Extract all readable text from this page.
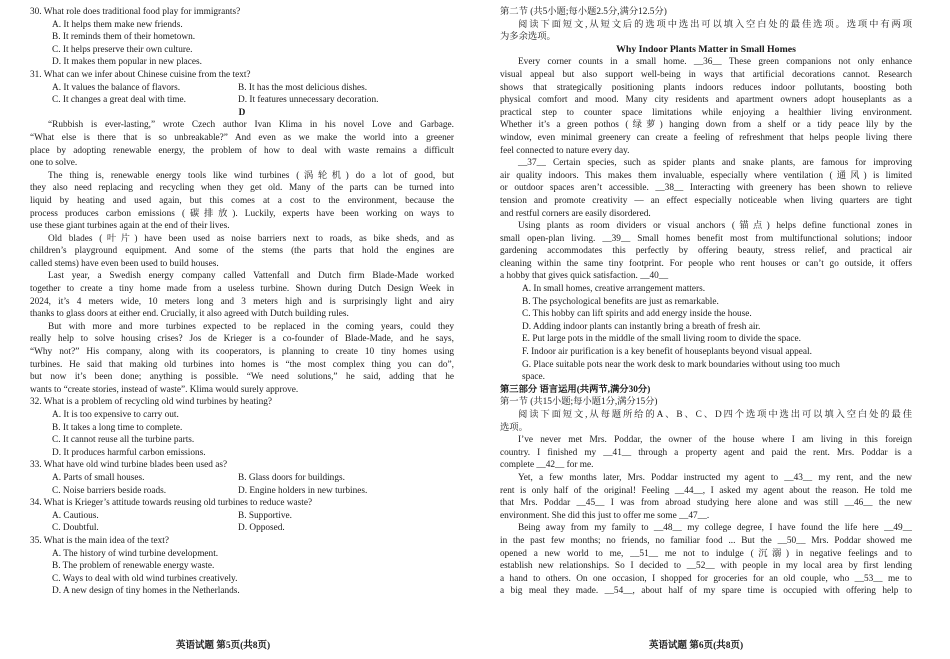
30. What role does traditional food play for immigrants?

A. It helps them make new friends.

B. It reminds them of their hometown.

C. It helps preserve their own culture.

D. It makes them popular in new places.

31. What can we infer about Chinese cuisine from the text?

A. It values the balance of flavors.	B. It has the most delicious dishes.

C. It changes a great deal with time.	D. It features unnecessary decoration.

D

“Rubbish is ever-lasting,” wrote Czech author Ivan Klima in his novel Love and Garbage.

“What else is there that is so unbreakable?” And even as we make the world into a greener

place by adopting renewable energy, the problem of how to deal with waste remains a difficult

one to solve.

The thing is, renewable energy tools like wind turbines (涡轮机) do a lot of good, but

they also need replacing and recycling when they get old. Many of the parts can be turned into

liquid by heating and used again, but this comes at a cost to the environment, because the

process produces carbon emissions (碳排放). Luckily, experts have been working on ways to

use these giant turbines again at the end of their lives.

Old blades (叶片) have been used as noise barriers next to roads, as bike sheds, and as

children’s playground equipment. And some of the stems (the parts that hold the engines are

called stems) have even been used to build houses.

Last year, a Swedish energy company called Vattenfall and Dutch firm Blade-Made worked

together to create a tiny home made from a useless turbine. Shown during Dutch Design Week in

2024, it’s 4 meters wide, 10 meters long and 3 meters high and is surprisingly light and airy

thanks to glass doors at either end. Crucially, it also agreed with Dutch building rules.

But with more and more turbines expected to be replaced in the coming years, could they

really help to solve housing crises? Jos de Krieger is a co-founder of Blade-Made, and he says,

“Why not?” His company, along with its cooperators, is planning to create 10 tiny homes using

turbines. He said that making old turbines into homes is “the most complex thing you can do”,

but now it’s been done; anything is possible. “We need solutions,” he said, adding that he

wants to “create stories, instead of waste”. Klima would surely approve.

32. What is a problem of recycling old wind turbines by heating?

A. It is too expensive to carry out.

B. It takes a long time to complete.

C. It cannot reuse all the turbine parts.

D. It produces harmful carbon emissions.

33. What have old wind turbine blades been used as?

A. Parts of small houses.	B. Glass doors for buildings.

C. Noise barriers beside roads.	D. Engine holders in new turbines.

34. What is Krieger’s attitude towards reusing old turbines to reduce waste?

A. Cautious.	B. Supportive.

C. Doubtful.	D. Opposed.

35. What is the main idea of the text?

A. The history of wind turbine development.

B. The problem of renewable energy waste.

C. Ways to deal with old wind turbines creatively.

D. A new design of tiny homes in the Netherlands.

第二节 (共5小题;每小题2.5分,满分12.5分)

阅读下面短文,从短文后的选项中选出可以填入空白处的最佳选项。选项中有两项

为多余选项。

Why Indoor Plants Matter in Small Homes

Every corner counts in a small home. __36__ These green companions not only enhance

visual appeal but also support well-being in ways that artificial decorations cannot. Research

shows that strategically positioning plants indoors reduces indoor pollutants, boosting both

physical comfort and mood. Many city residents and apartment owners adopt houseplants as a

practical step to counter space limitations while enjoying a healthier living environment.

Whether it’s a green pothos (绿萝) hanging down from a shelf or a tidy peace lily by the

window, even minimal greenery can create a feeling of refreshment that helps people living there

feel connected to nature every day.

__37__ Certain species, such as spider plants and snake plants, are famous for improving

air quality indoors. This makes them invaluable, especially where ventilation (通风) is limited

or outdoor spaces aren’t accessible. __38__ Interacting with greenery has been shown to relieve

tension and promote creativity — an effect especially noticeable when living quarters are tight

and restful corners are easily disordered.

Using plants as room dividers or visual anchors (锚点) helps define functional zones in

small open-plan living. __39__ Small homes benefit most from multifunctional solutions; indoor

gardening accommodates this perfectly by offering beauty, stress relief, and practical air

cleaning within the same tiny footprint. For people who rent houses or can’t go outside, it offers

a hobby that gives quick satisfaction. __40__

A. In small homes, creative arrangement matters.

B. The psychological benefits are just as remarkable.

C. This hobby can lift spirits and add energy inside the house.

D. Adding indoor plants can instantly bring a breath of fresh air.

E. Put large pots in the middle of the small living room to divide the space.

F. Indoor air purification is a key benefit of houseplants beyond visual appeal.

G. Place suitable pots near the work desk to mark boundaries without using too much

space.

第三部分 语言运用(共两节,满分30分)

第一节 (共15小题;每小题1分,满分15分)

阅读下面短文,从每题所给的A、B、C、D四个选项中选出可以填入空白处的最佳

选项。

I’ve never met Mrs. Poddar, the owner of the house where I am living in this foreign

country. I finished my __41__ through a property agent and paid the rent. Mrs. Poddar is a

complete __42__ for me.

Yet, a few months later, Mrs. Poddar instructed my agent to __43__ my rent, and the new

rent is only half of the original! Feeling __44__, I asked my agent about the reason. He told me

that Mrs. Poddar __45__ I was from abroad studying here alone and was still __46__ the new

environment. She did this just to offer me some __47__.

Being away from my family to __48__ my college degree, I have found the life here __49__

in the past few months; no friends, no familiar food ... But the __50__ Mrs. Poddar showed me

opened a new world to me, __51__ me not to indulge (沉溺) in negative feelings and to

establish new relationships. So I decided to __52__ with people in my local area by first lending

a hand to others. On one occasion, I shopped for groceries for an old couple, who __53__ me to

a big meal they made. __54__, about half of my spare time is occupied with offering help to

英语试题 第5页(共8页)	英语试题 第6页(共8页)
